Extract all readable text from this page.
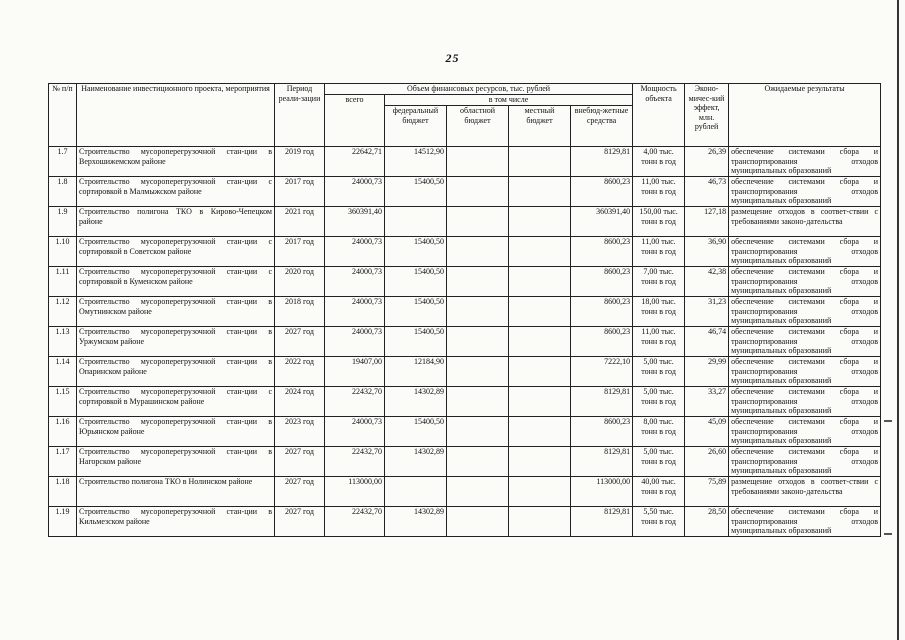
25
№ п/п	Наименование инвестиционного проекта, мероприятия	Период реали-зации	Объем финансовых ресурсов, тыс. рублей					Мощность объекта	Эконо-мичес-кий эффект, млн. рублей	Ожидаемые результаты
			всего	в том числе						
				федеральный бюджет	областной бюджет	местный бюджет	внебюд-жетные средства			
1.7	Строительство мусороперегрузочной стан-ции в Верхошижемском районе	2019 год	22642,71	14512,90			8129,81	4,00 тыс. тонн в год	26,39	обеспечение системами сбора и транспортирования отходов муниципальных образований
1.8	Строительство мусороперегрузочной стан-ции с сортировкой в Малмыжском районе	2017 год	24000,73	15400,50			8600,23	11,00 тыс. тонн в год	46,73	обеспечение системами сбора и транспортирования отходов муниципальных образований
1.9	Строительство полигона ТКО в Кирово-Чепецком районе	2021 год	360391,40				360391,40	150,00 тыс. тонн в год	127,18	размещение отходов в соответ-ствии с требованиями законо-дательства
1.10	Строительство мусороперегрузочной стан-ции с сортировкой в Советском районе	2017 год	24000,73	15400,50			8600,23	11,00 тыс. тонн в год	36,90	обеспечение системами сбора и транспортирования отходов муниципальных образований
1.11	Строительство мусороперегрузочной стан-ции с сортировкой в Куменском районе	2020 год	24000,73	15400,50			8600,23	7,00 тыс. тонн в год	42,38	обеспечение системами сбора и транспортирования отходов муниципальных образований
1.12	Строительство мусороперегрузочной стан-ции в Омутнинском районе	2018 год	24000,73	15400,50			8600,23	18,00 тыс. тонн в год	31,23	обеспечение системами сбора и транспортирования отходов муниципальных образований
1.13	Строительство мусороперегрузочной стан-ции в Уржумском районе	2027 год	24000,73	15400,50			8600,23	11,00 тыс. тонн в год	46,74	обеспечение системами сбора и транспортирования отходов муниципальных образований
1.14	Строительство мусороперегрузочной стан-ции в Опаринском районе	2022 год	19407,00	12184,90			7222,10	5,00 тыс. тонн в год	29,99	обеспечение системами сбора и транспортирования отходов муниципальных образований
1.15	Строительство мусороперегрузочной стан-ции с сортировкой в Мурашинском районе	2024 год	22432,70	14302,89			8129,81	5,00 тыс. тонн в год	33,27	обеспечение системами сбора и транспортирования отходов муниципальных образований
1.16	Строительство мусороперегрузочной стан-ции в Юрьянском районе	2023 год	24000,73	15400,50			8600,23	8,00 тыс. тонн в год	45,09	обеспечение системами сбора и транспортирования отходов муниципальных образований
1.17	Строительство мусороперегрузочной стан-ции в Нагорском районе	2027 год	22432,70	14302,89			8129,81	5,00 тыс. тонн в год	26,60	обеспечение системами сбора и транспортирования отходов муниципальных образований
1.18	Строительство полигона ТКО в Нолинском районе	2027 год	113000,00				113000,00	40,00 тыс. тонн в год	75,89	размещение отходов в соответ-ствии с требованиями законо-дательства
1.19	Строительство мусороперегрузочной стан-ции в Кильмезском районе	2027 год	22432,70	14302,89			8129,81	5,50 тыс. тонн в год	28,50	обеспечение системами сбора и транспортирования отходов муниципальных образований
